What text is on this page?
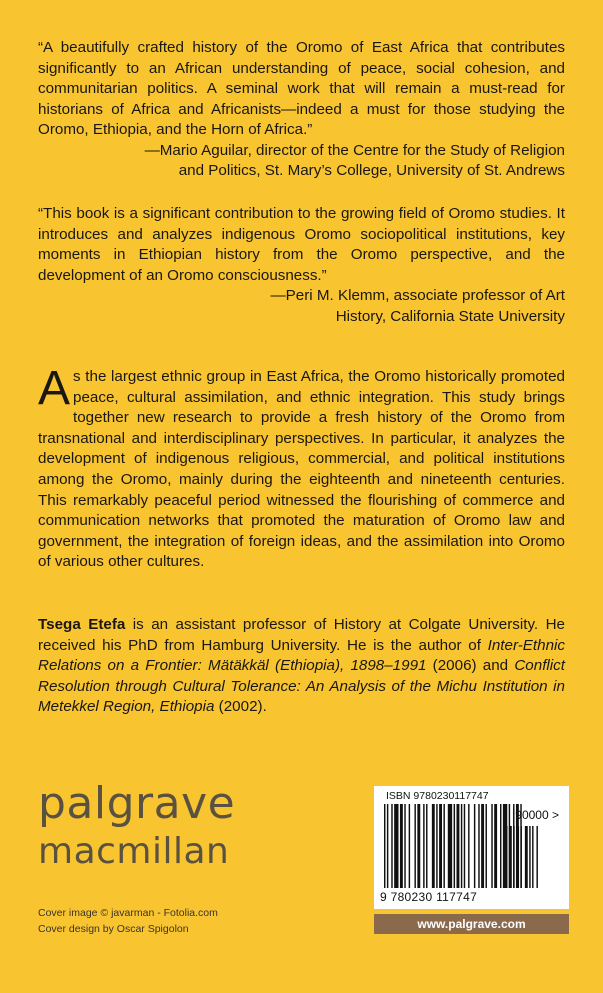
“A beautifully crafted history of the Oromo of East Africa that contributes significantly to an African understanding of peace, social cohesion, and communitarian politics. A seminal work that will remain a must-read for historians of Africa and Africanists—indeed a must for those studying the Oromo, Ethiopia, and the Horn of Africa.”

—Mario Aguilar, director of the Centre for the Study of Religion

and Politics, St. Mary’s College, University of St. Andrews

“This book is a significant contribution to the growing field of Oromo studies. It introduces and analyzes indigenous Oromo sociopolitical institutions, key moments in Ethiopian history from the Oromo perspective, and the development of an Oromo consciousness.”

—Peri M. Klemm, associate professor of Art

History, California State University

As the largest ethnic group in East Africa, the Oromo historically promoted peace, cultural assimilation, and ethnic integration. This study brings together new research to provide a fresh history of the Oromo from transnational and interdisciplinary perspectives. In particular, it analyzes the development of indigenous religious, commercial, and political institutions among the Oromo, mainly during the eighteenth and nineteenth centuries. This remarkably peaceful period witnessed the flourishing of commerce and communication networks that promoted the maturation of Oromo law and government, the integration of foreign ideas, and the assimilation into Oromo of various other cultures.

Tsega Etefa is an assistant professor of History at Colgate University. He received his PhD from Hamburg University. He is the author of Inter-Ethnic Relations on a Frontier: Mätäkkäl (Ethiopia), 1898–1991 (2006) and Conflict Resolution through Cultural Tolerance: An Analysis of the Michu Institution in Metekkel Region, Ethiopia (2002).

palgrave
macmillan

Cover image © javarman - Fotolia.com

Cover design by Oscar Spigolon

ISBN 9780230117747
90000 >
9 780230 117747
www.palgrave.com
